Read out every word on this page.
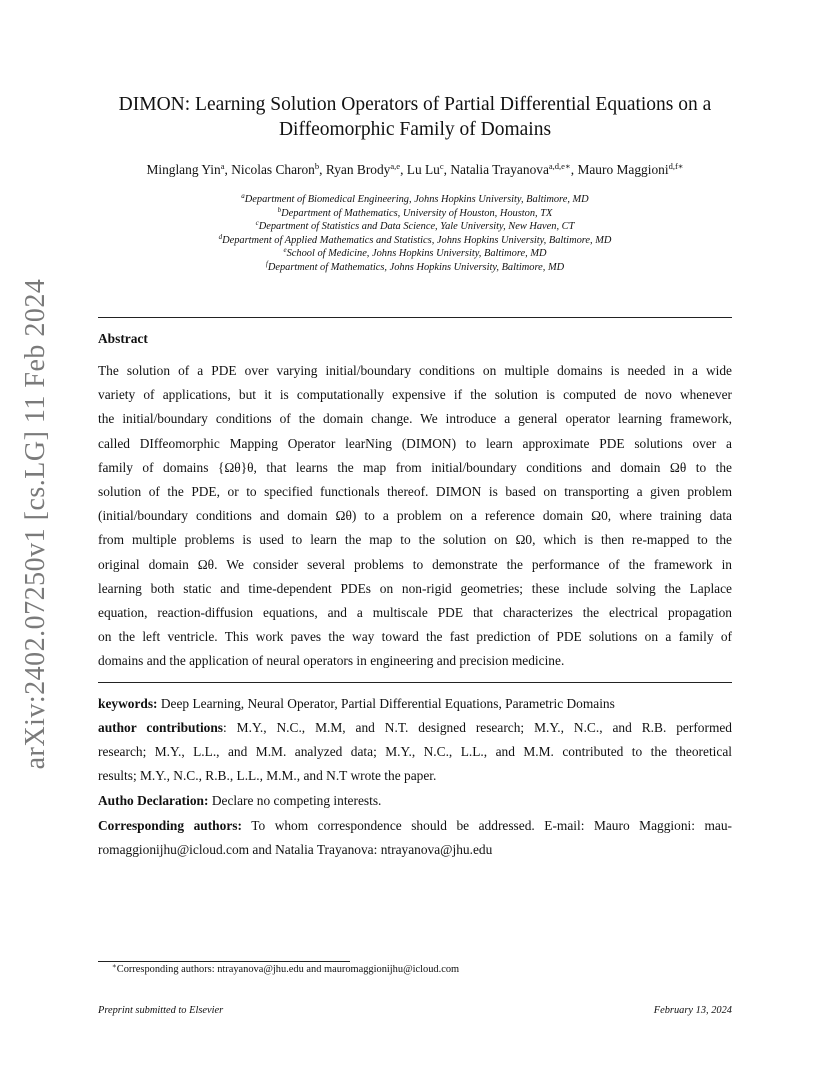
arXiv:2402.07250v1 [cs.LG] 11 Feb 2024
DIMON: Learning Solution Operators of Partial Differential Equations on a
Diffeomorphic Family of Domains
Minglang Yin$^a$, Nicolas Charon$^b$, Ryan Brody$^{a,e}$, Lu Lu$^c$, Natalia Trayanova$^{a,d,e∗}$, Mauro Maggioni$^{d,f∗}$
$^a$Department of Biomedical Engineering, Johns Hopkins University, Baltimore, MD
$^b$Department of Mathematics, University of Houston, Houston, TX
$^c$Department of Statistics and Data Science, Yale University, New Haven, CT
$^d$Department of Applied Mathematics and Statistics, Johns Hopkins University, Baltimore, MD
$^e$School of Medicine, Johns Hopkins University, Baltimore, MD
$^f$Department of Mathematics, Johns Hopkins University, Baltimore, MD
Abstract
The solution of a PDE over varying initial/boundary conditions on multiple domains is needed in a wide
variety of applications, but it is computationally expensive if the solution is computed de novo whenever
the initial/boundary conditions of the domain change. We introduce a general operator learning framework,
called DIffeomorphic Mapping Operator learNing (DIMON) to learn approximate PDE solutions over a
family of domains {Ωθ}θ, that learns the map from initial/boundary conditions and domain Ωθ to the
solution of the PDE, or to specified functionals thereof. DIMON is based on transporting a given problem
(initial/boundary conditions and domain Ωθ) to a problem on a reference domain Ω0, where training data
from multiple problems is used to learn the map to the solution on Ω0, which is then re-mapped to the
original domain Ωθ. We consider several problems to demonstrate the performance of the framework in
learning both static and time-dependent PDEs on non-rigid geometries; these include solving the Laplace
equation, reaction-diffusion equations, and a multiscale PDE that characterizes the electrical propagation
on the left ventricle. This work paves the way toward the fast prediction of PDE solutions on a family of
domains and the application of neural operators in engineering and precision medicine.
keywords: Deep Learning, Neural Operator, Partial Differential Equations, Parametric Domains
author contributions: M.Y., N.C., M.M, and N.T. designed research; M.Y., N.C., and R.B. performed
research; M.Y., L.L., and M.M. analyzed data; M.Y., N.C., L.L., and M.M. contributed to the theoretical
results; M.Y., N.C., R.B., L.L., M.M., and N.T wrote the paper.
Autho Declaration: Declare no competing interests.
Corresponding authors: To whom correspondence should be addressed. E-mail: Mauro Maggioni: mau-
romaggionijhu@icloud.com and Natalia Trayanova: ntrayanova@jhu.edu
∗Corresponding authors: ntrayanova@jhu.edu and mauromaggionijhu@icloud.com
Preprint submitted to Elsevier	February 13, 2024
